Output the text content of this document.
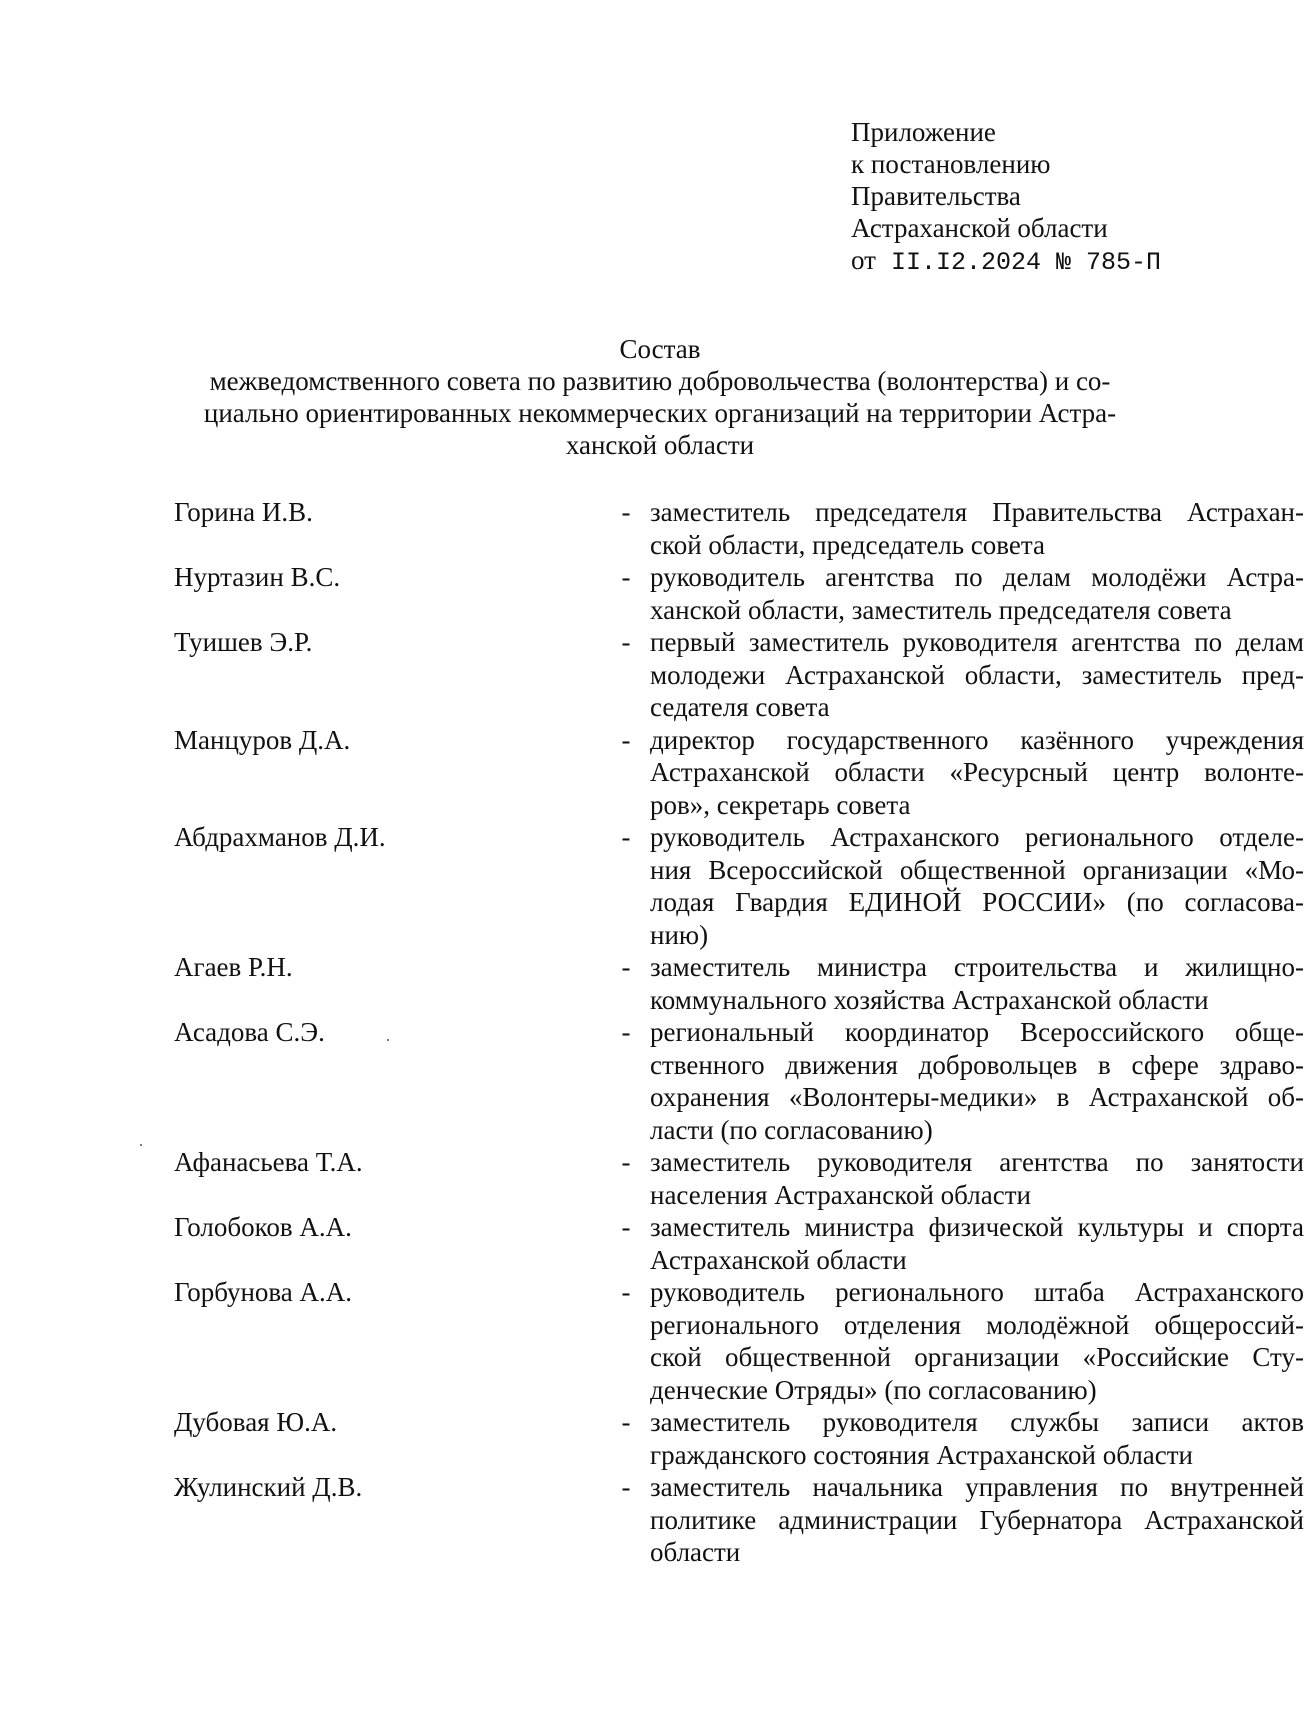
Приложение
к постановлению
Правительства
Астраханской области
от II.I2.2024 № 785-П
Состав
межведомственного совета по развитию добровольчества (волонтерства) и со-
циально ориентированных некоммерческих организаций на территории Астра-
ханской области
Горина И.В.	- заместитель председателя Правительства Астрахан-
ской области, председатель совета
Нуртазин В.С.	- руководитель агентства по делам молодёжи Астра-
ханской области, заместитель председателя совета
Туишев Э.Р.	- первый заместитель руководителя агентства по делам
молодежи Астраханской области, заместитель пред-
седателя совета
Манцуров Д.А.	- директор государственного казённого учреждения
Астраханской области «Ресурсный центр волонте-
ров», секретарь совета
Абдрахманов Д.И.	- руководитель Астраханского регионального отделе-
ния Всероссийской общественной организации «Мо-
лодая Гвардия ЕДИНОЙ РОССИИ» (по согласова-
нию)
Агаев Р.Н.	- заместитель министра строительства и жилищно-
коммунального хозяйства Астраханской области
Асадова С.Э.	- региональный координатор Всероссийского обще-
ственного движения добровольцев в сфере здраво-
охранения «Волонтеры-медики» в Астраханской об-
ласти (по согласованию)
Афанасьева Т.А.	- заместитель руководителя агентства по занятости
населения Астраханской области
Голобоков А.А.	- заместитель министра физической культуры и спорта
Астраханской области
Горбунова А.А.	- руководитель регионального штаба Астраханского
регионального отделения молодёжной общероссий-
ской общественной организации «Российские Сту-
денческие Отряды» (по согласованию)
Дубовая Ю.А.	- заместитель руководителя службы записи актов
гражданского состояния Астраханской области
Жулинский Д.В.	- заместитель начальника управления по внутренней
политике администрации Губернатора Астраханской
области
